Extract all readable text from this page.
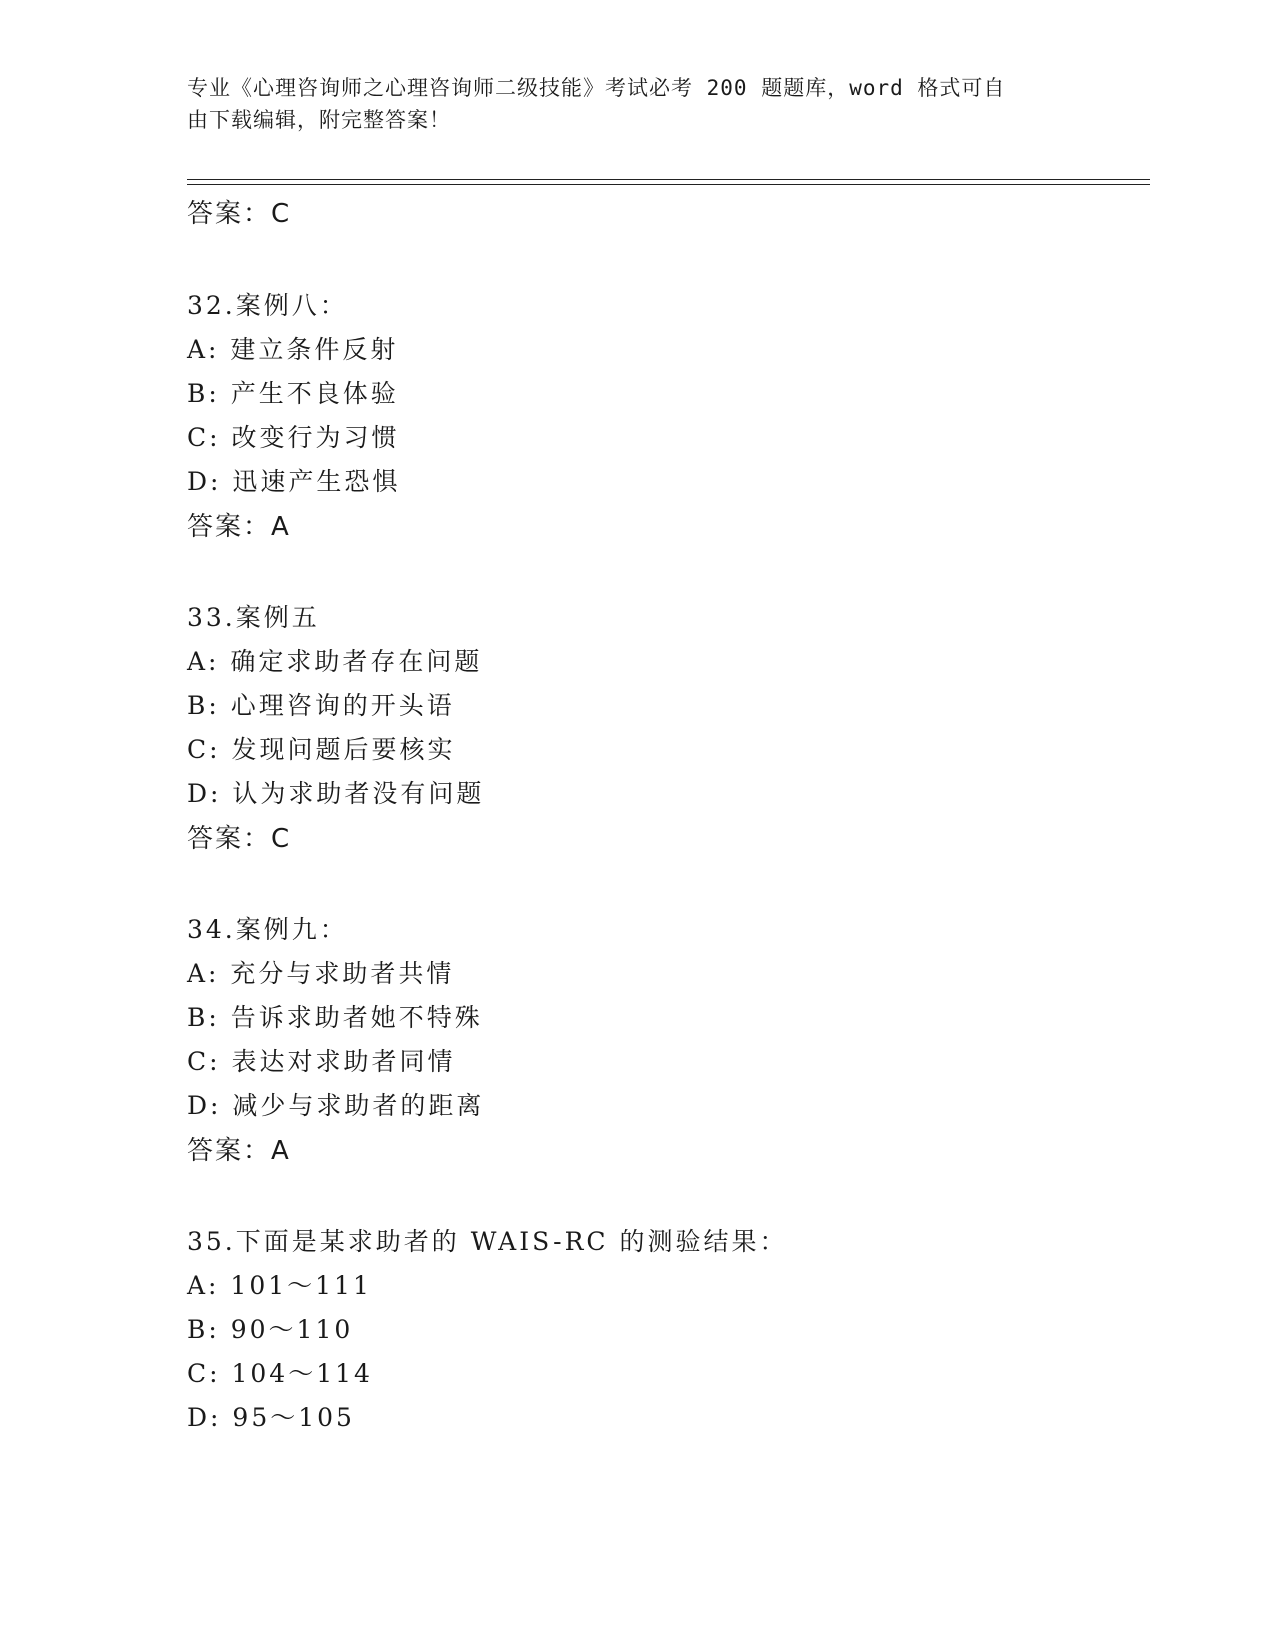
专业《心理咨询师之心理咨询师二级技能》考试必考 200 题题库，word 格式可自
由下载编辑，附完整答案！
答案：C
32.案例八：
A: 建立条件反射
B: 产生不良体验
C: 改变行为习惯
D: 迅速产生恐惧
答案：A
33.案例五
A: 确定求助者存在问题
B: 心理咨询的开头语
C: 发现问题后要核实
D: 认为求助者没有问题
答案：C
34.案例九：
A: 充分与求助者共情
B: 告诉求助者她不特殊
C: 表达对求助者同情
D: 减少与求助者的距离
答案：A
35.下面是某求助者的 WAIS-RC 的测验结果：
A: 101～111
B: 90～110
C: 104～114
D: 95～105
